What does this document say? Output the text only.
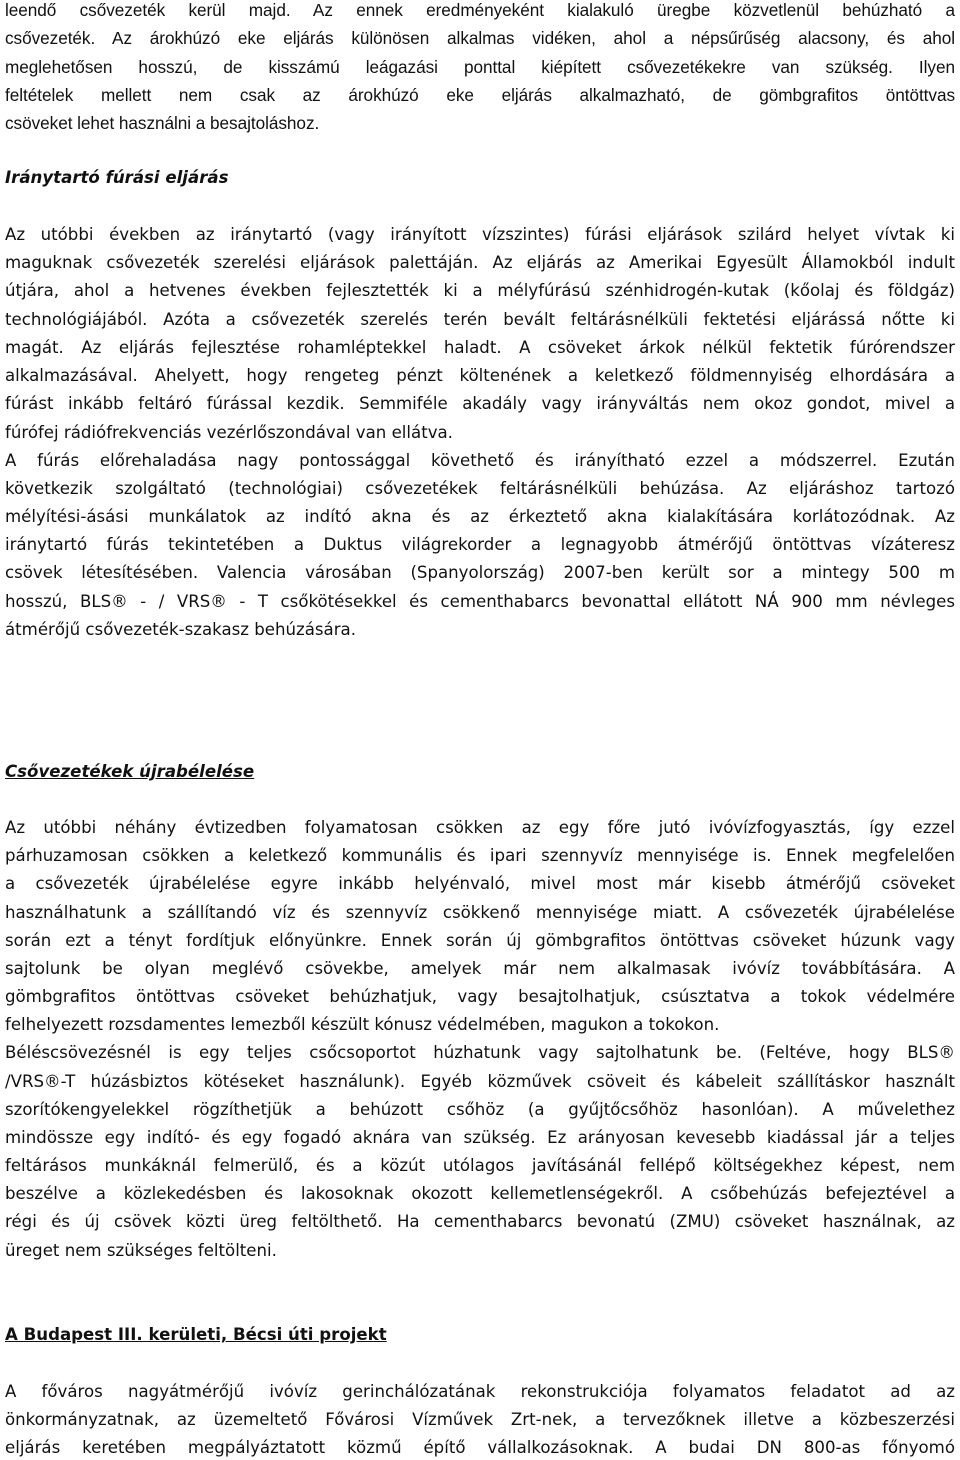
leendő csővezeték kerül majd. Az ennek eredményeként kialakuló üregbe közvetlenül behúzható a
csővezeték. Az árokhúzó eke eljárás különösen alkalmas vidéken, ahol a népsűrűség alacsony, és ahol
meglehetősen hosszú, de kisszámú leágazási ponttal kiépített csővezetékekre van szükség. Ilyen
feltételek mellett nem csak az árokhúzó eke eljárás alkalmazható, de gömbgrafitos öntöttvas
csöveket lehet használni a besajtoláshoz.
Iránytartó fúrási eljárás
Az utóbbi években az iránytartó (vagy irányított vízszintes) fúrási eljárások szilárd helyet vívtak ki
maguknak csővezeték szerelési eljárások palettáján. Az eljárás az Amerikai Egyesült Államokból indult
útjára, ahol a hetvenes években fejlesztették ki a mélyfúrású szénhidrogén-kutak (kőolaj és földgáz)
technológiájából. Azóta a csővezeték szerelés terén bevált feltárásnélküli fektetési eljárássá nőtte ki
magát. Az eljárás fejlesztése rohamléptekkel haladt. A csöveket árkok nélkül fektetik fúrórendszer
alkalmazásával. Ahelyett, hogy rengeteg pénzt költenének a keletkező földmennyiség elhordására a
fúrást inkább feltáró fúrással kezdik. Semmiféle akadály vagy irányváltás nem okoz gondot, mivel a
fúrófej rádiófrekvenciás vezérlőszondával van ellátva.
A fúrás előrehaladása nagy pontossággal követhető és irányítható ezzel a módszerrel. Ezután
következik szolgáltató (technológiai) csővezetékek feltárásnélküli behúzása. Az eljáráshoz tartozó
mélyítési-ásási munkálatok az indító akna és az érkeztető akna kialakítására korlátozódnak. Az
iránytartó fúrás tekintetében a Duktus világrekorder a legnagyobb átmérőjű öntöttvas vízáteresz
csövek létesítésében. Valencia városában (Spanyolország) 2007-ben került sor a mintegy 500 m
hosszú, BLS® - / VRS® - T csőkötésekkel és cementhabarcs bevonattal ellátott NÁ 900 mm névleges
átmérőjű csővezeték-szakasz behúzására.
Csővezetékek újrabélelése
Az utóbbi néhány évtizedben folyamatosan csökken az egy főre jutó ivóvízfogyasztás, így ezzel
párhuzamosan csökken a keletkező kommunális és ipari szennyvíz mennyisége is. Ennek megfelelően
a csővezeték újrabélelése egyre inkább helyénvaló, mivel most már kisebb átmérőjű csöveket
használhatunk a szállítandó víz és szennyvíz csökkenő mennyisége miatt. A csővezeték újrabélelése
során ezt a tényt fordítjuk előnyünkre. Ennek során új gömbgrafitos öntöttvas csöveket húzunk vagy
sajtolunk be olyan meglévő csövekbe, amelyek már nem alkalmasak ivóvíz továbbítására. A
gömbgrafitos öntöttvas csöveket behúzhatjuk, vagy besajtolhatjuk, csúsztatva a tokok védelmére
felhelyezett rozsdamentes lemezből készült kónusz védelmében, magukon a tokokon.
Béléscsövezésnél is egy teljes csőcsoportot húzhatunk vagy sajtolhatunk be. (Feltéve, hogy BLS®
/VRS®-T húzásbiztos kötéseket használunk). Egyéb közművek csöveit és kábeleit szállításkor használt
szorítókengyelekkel rögzíthetjük a behúzott csőhöz (a gyűjtőcsőhöz hasonlóan). A művelethez
mindössze egy indító- és egy fogadó aknára van szükség. Ez arányosan kevesebb kiadással jár a teljes
feltárásos munkáknál felmerülő, és a közút utólagos javításánál fellépő költségekhez képest, nem
beszélve a közlekedésben és lakosoknak okozott kellemetlenségekről. A csőbehúzás befejeztével a
régi és új csövek közti üreg feltölthető. Ha cementhabarcs bevonatú (ZMU) csöveket használnak, az
üreget nem szükséges feltölteni.
A Budapest III. kerületi, Bécsi úti projekt
A főváros nagyátmérőjű ivóvíz gerinchálózatának rekonstrukciója folyamatos feladatot ad az
önkormányzatnak, az üzemeltető Fővárosi Vízművek Zrt-nek, a tervezőknek illetve a közbeszerzési
eljárás keretében megpályáztatott közmű építő vállalkozásoknak. A budai DN 800-as főnyomó
